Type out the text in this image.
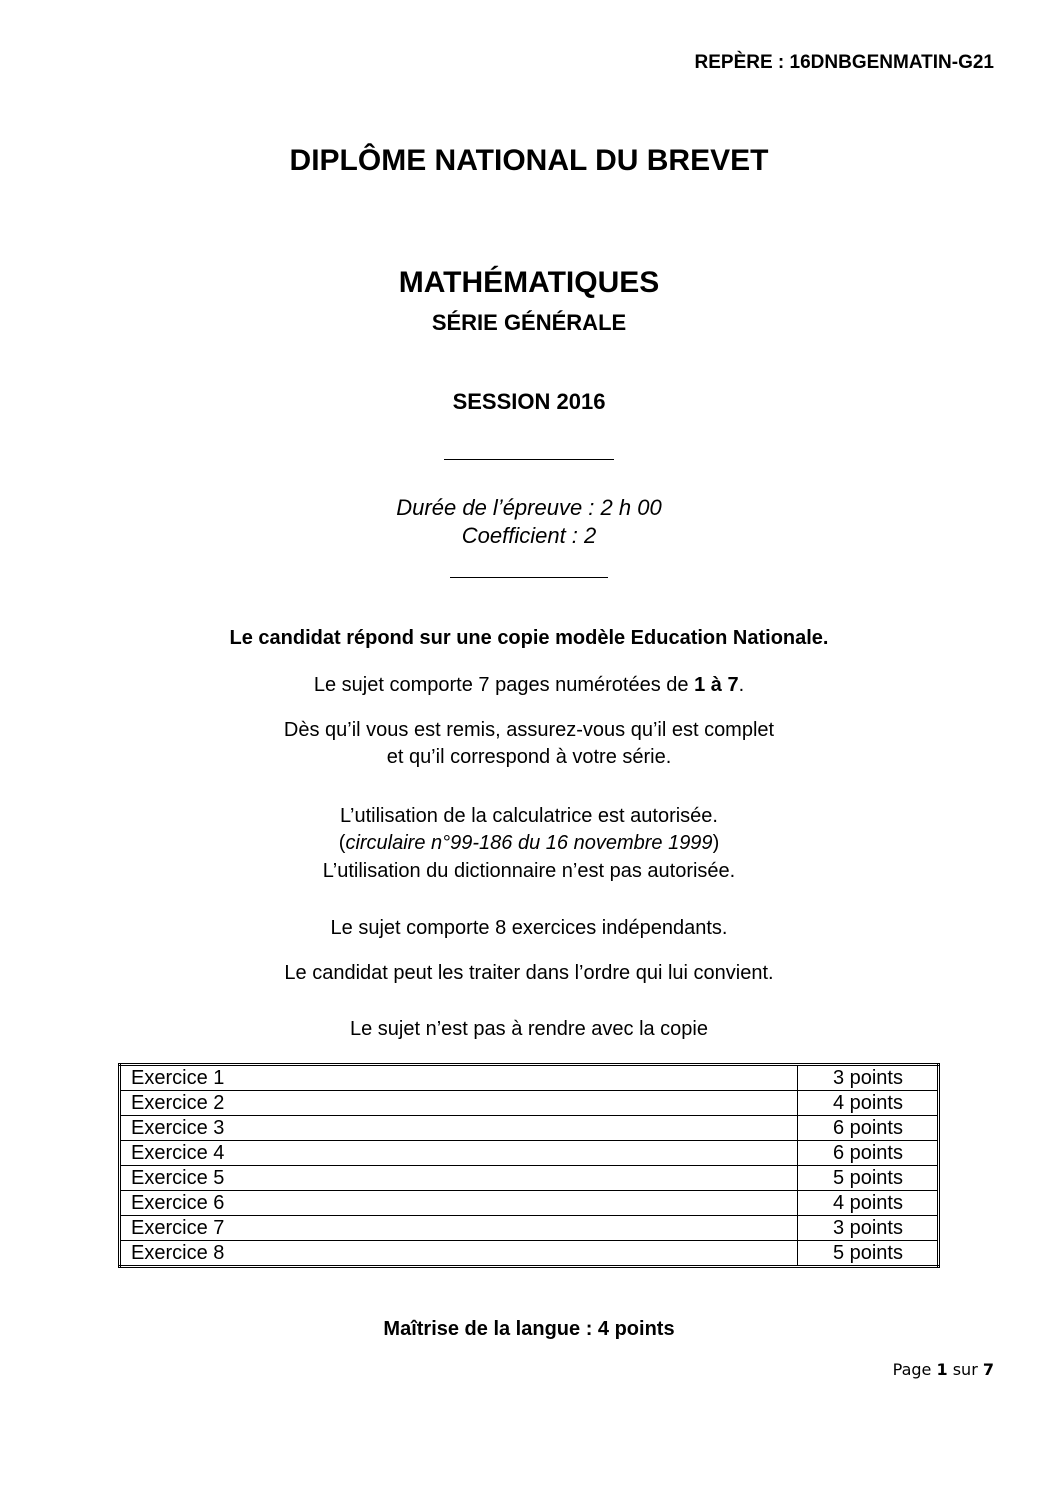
REPÈRE : 16DNBGENMATIN-G21
DIPLÔME NATIONAL DU BREVET
MATHÉMATIQUES
SÉRIE GÉNÉRALE
SESSION 2016
Durée de l’épreuve : 2 h 00
Coefficient : 2
Le candidat répond sur une copie modèle Education Nationale.
Le sujet comporte 7 pages numérotées de 1 à 7.
Dès qu’il vous est remis, assurez-vous qu’il est complet
et qu’il correspond à votre série.
L’utilisation de la calculatrice est autorisée.
(circulaire n°99-186 du 16 novembre 1999)
L’utilisation du dictionnaire n’est pas autorisée.
Le sujet comporte 8 exercices indépendants.
Le candidat peut les traiter dans l’ordre qui lui convient.
Le sujet n’est pas à rendre avec la copie
Exercice 1	3 points
Exercice 2	4 points
Exercice 3	6 points
Exercice 4	6 points
Exercice 5	5 points
Exercice 6	4 points
Exercice 7	3 points
Exercice 8	5 points
Maîtrise de la langue : 4 points
Page 1 sur 7
